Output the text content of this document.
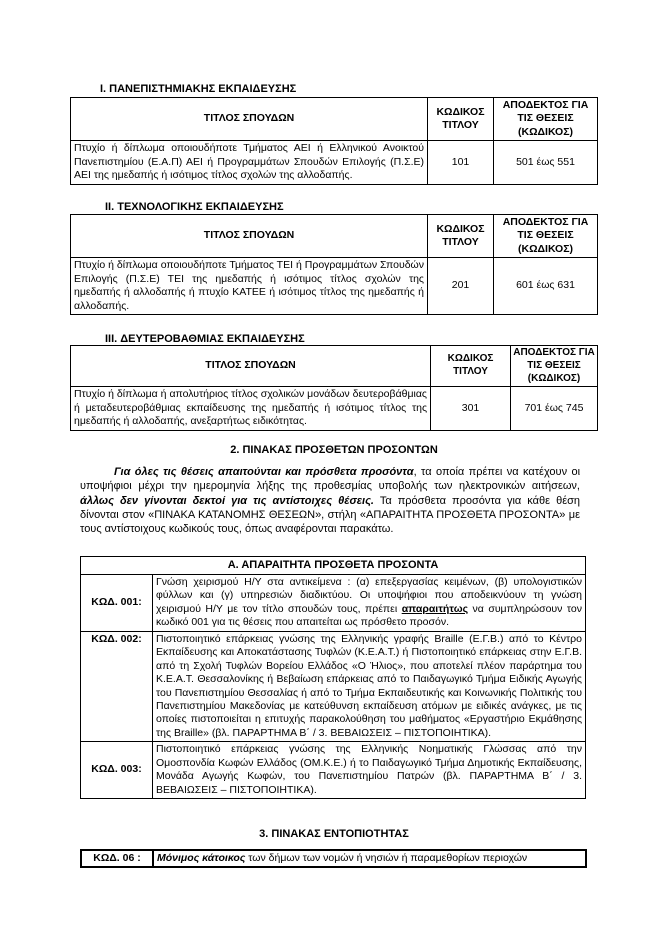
I. ΠΑΝΕΠΙΣΤΗΜΙΑΚΗΣ ΕΚΠΑΙΔΕΥΣΗΣ
ΤΙΤΛΟΣ ΣΠΟΥΔΩΝ	ΚΩΔΙΚΟΣ ΤΙΤΛΟΥ	ΑΠΟΔΕΚΤΟΣ ΓΙΑ ΤΙΣ ΘΕΣΕΙΣ (ΚΩΔΙΚΟΣ)
Πτυχίο ή δίπλωμα οποιουδήποτε Τμήματος ΑΕΙ ή Ελληνικού Ανοικτού Πανεπιστημίου (Ε.Α.Π) ΑΕΙ ή Προγραμμάτων Σπουδών Επιλογής (Π.Σ.Ε) ΑΕΙ της ημεδαπής ή ισότιμος τίτλος σχολών της αλλοδαπής.	101	501 έως 551
II. ΤΕΧΝΟΛΟΓΙΚΗΣ ΕΚΠΑΙΔΕΥΣΗΣ
ΤΙΤΛΟΣ ΣΠΟΥΔΩΝ	ΚΩΔΙΚΟΣ ΤΙΤΛΟΥ	ΑΠΟΔΕΚΤΟΣ ΓΙΑ ΤΙΣ ΘΕΣΕΙΣ (ΚΩΔΙΚΟΣ)
Πτυχίο ή δίπλωμα οποιουδήποτε Τμήματος ΤΕΙ ή Προγραμμάτων Σπουδών Επιλογής (Π.Σ.Ε) ΤΕΙ της ημεδαπής ή ισότιμος τίτλος σχολών της ημεδαπής ή αλλοδαπής ή πτυχίο ΚΑΤΕΕ ή ισότιμος τίτλος της ημεδαπής ή αλλοδαπής.	201	601 έως 631
III. ΔΕΥΤΕΡΟΒΑΘΜΙΑΣ ΕΚΠΑΙΔΕΥΣΗΣ
ΤΙΤΛΟΣ ΣΠΟΥΔΩΝ	ΚΩΔΙΚΟΣ ΤΙΤΛΟΥ	ΑΠΟΔΕΚΤΟΣ ΓΙΑ ΤΙΣ ΘΕΣΕΙΣ (ΚΩΔΙΚΟΣ)
Πτυχίο ή δίπλωμα ή απολυτήριος τίτλος σχολικών μονάδων δευτεροβάθμιας ή μεταδευτεροβάθμιας εκπαίδευσης της ημεδαπής ή ισότιμος τίτλος της ημεδαπής ή αλλοδαπής, ανεξαρτήτως ειδικότητας.	301	701 έως 745
2. ΠΙΝΑΚΑΣ ΠΡΟΣΘΕΤΩΝ ΠΡΟΣΟΝΤΩΝ

Για όλες τις θέσεις απαιτούνται και πρόσθετα προσόντα, τα οποία πρέπει να κατέχουν οι υποψήφιοι μέχρι την ημερομηνία λήξης της προθεσμίας υποβολής των ηλεκτρονικών αιτήσεων, άλλως δεν γίνονται δεκτοί για τις αντίστοιχες θέσεις. Τα πρόσθετα προσόντα για κάθε θέση δίνονται στον «ΠΙΝΑΚΑ ΚΑΤΑΝΟΜΗΣ ΘΕΣΕΩΝ», στήλη «ΑΠΑΡΑΙΤΗΤΑ ΠΡΟΣΘΕΤΑ ΠΡΟΣΟΝΤΑ» με τους αντίστοιχους κωδικούς τους, όπως αναφέρονται παρακάτω.

Α. ΑΠΑΡΑΙΤΗΤΑ ΠΡΟΣΘΕΤΑ ΠΡΟΣΟΝΤΑ	
ΚΩΔ. 001:	Γνώση χειρισμού Η/Υ στα αντικείμενα : (α) επεξεργασίας κειμένων, (β) υπολογιστικών φύλλων και (γ) υπηρεσιών διαδικτύου. Οι υποψήφιοι που αποδεικνύουν τη γνώση χειρισμού Η/Υ με τον τίτλο σπουδών τους, πρέπει απαραιτήτως να συμπληρώσουν τον κωδικό 001 για τις θέσεις που απαιτείται ως πρόσθετο προσόν.
ΚΩΔ. 002:	Πιστοποιητικό επάρκειας γνώσης της Ελληνικής γραφής Braille (Ε.Γ.Β.) από το Κέντρο Εκπαίδευσης και Αποκατάστασης Τυφλών (Κ.Ε.Α.Τ.) ή Πιστοποιητικό επάρκειας στην Ε.Γ.Β. από τη Σχολή Τυφλών Βορείου Ελλάδος «Ο Ήλιος», που αποτελεί πλέον παράρτημα του Κ.Ε.Α.Τ. Θεσσαλονίκης ή Βεβαίωση επάρκειας από το Παιδαγωγικό Τμήμα Ειδικής Αγωγής του Πανεπιστημίου Θεσσαλίας ή από το Τμήμα Εκπαιδευτικής και Κοινωνικής Πολιτικής του Πανεπιστημίου Μακεδονίας με κατεύθυνση εκπαίδευση ατόμων με ειδικές ανάγκες, με τις οποίες πιστοποιείται η επιτυχής παρακολούθηση του μαθήματος «Εργαστήριο Εκμάθησης της Braille» (βλ. ΠΑΡΑΡΤΗΜΑ Β΄ / 3. ΒΕΒΑΙΩΣΕΙΣ – ΠΙΣΤΟΠΟΙΗΤΙΚΑ).
ΚΩΔ. 003:	Πιστοποιητικό επάρκειας γνώσης της Ελληνικής Νοηματικής Γλώσσας από την Ομοσπονδία Κωφών Ελλάδος (ΟΜ.Κ.Ε.) ή το Παιδαγωγικό Τμήμα Δημοτικής Εκπαίδευσης, Μονάδα Αγωγής Κωφών, του Πανεπιστημίου Πατρών (βλ. ΠΑΡΑΡΤΗΜΑ Β΄ / 3. ΒΕΒΑΙΩΣΕΙΣ – ΠΙΣΤΟΠΟΙΗΤΙΚΑ).
3. ΠΙΝΑΚΑΣ ΕΝΤΟΠΙΟΤΗΤΑΣ
ΚΩΔ. 06 :	Μόνιμος κάτοικος των δήμων των νομών ή νησιών ή παραμεθορίων περιοχών
